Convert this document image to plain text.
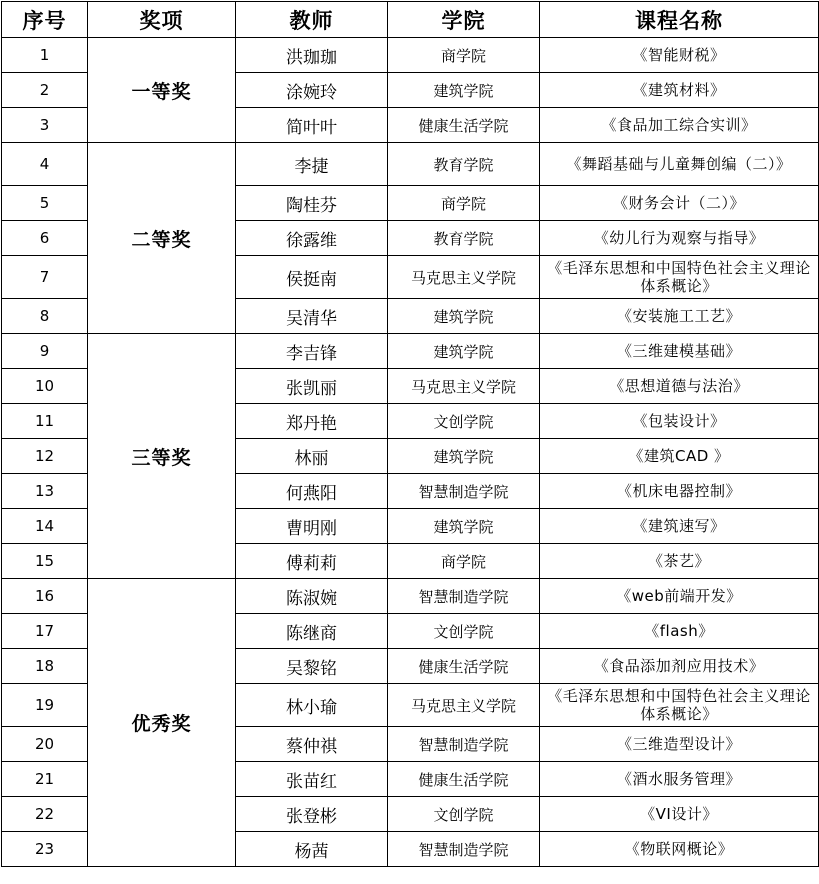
序号	奖项	教师	学院	课程名称
1	一等奖	洪珈珈	商学院	《智能财税》
2		涂婉玲	建筑学院	《建筑材料》
3		简叶叶	健康生活学院	《食品加工综合实训》
4	二等奖	李捷	教育学院	《舞蹈基础与儿童舞创编（二）》
5		陶桂芬	商学院	《财务会计（二）》
6		徐露维	教育学院	《幼儿行为观察与指导》
7		侯挺南	马克思主义学院	《毛泽东思想和中国特色社会主义理论体系概论》
8		吴清华	建筑学院	《安装施工工艺》
9	三等奖	李吉锋	建筑学院	《三维建模基础》
10		张凯丽	马克思主义学院	《思想道德与法治》
11		郑丹艳	文创学院	《包装设计》
12		林丽	建筑学院	《建筑CAD 》
13		何燕阳	智慧制造学院	《机床电器控制》
14		曹明刚	建筑学院	《建筑速写》
15		傅莉莉	商学院	《茶艺》
16	优秀奖	陈淑婉	智慧制造学院	《web前端开发》
17		陈继商	文创学院	《flash》
18		吴黎铭	健康生活学院	《食品添加剂应用技术》
19		林小瑜	马克思主义学院	《毛泽东思想和中国特色社会主义理论体系概论》
20		蔡仲祺	智慧制造学院	《三维造型设计》
21		张苗红	健康生活学院	《酒水服务管理》
22		张登彬	文创学院	《VI设计》
23		杨茜	智慧制造学院	《物联网概论》
